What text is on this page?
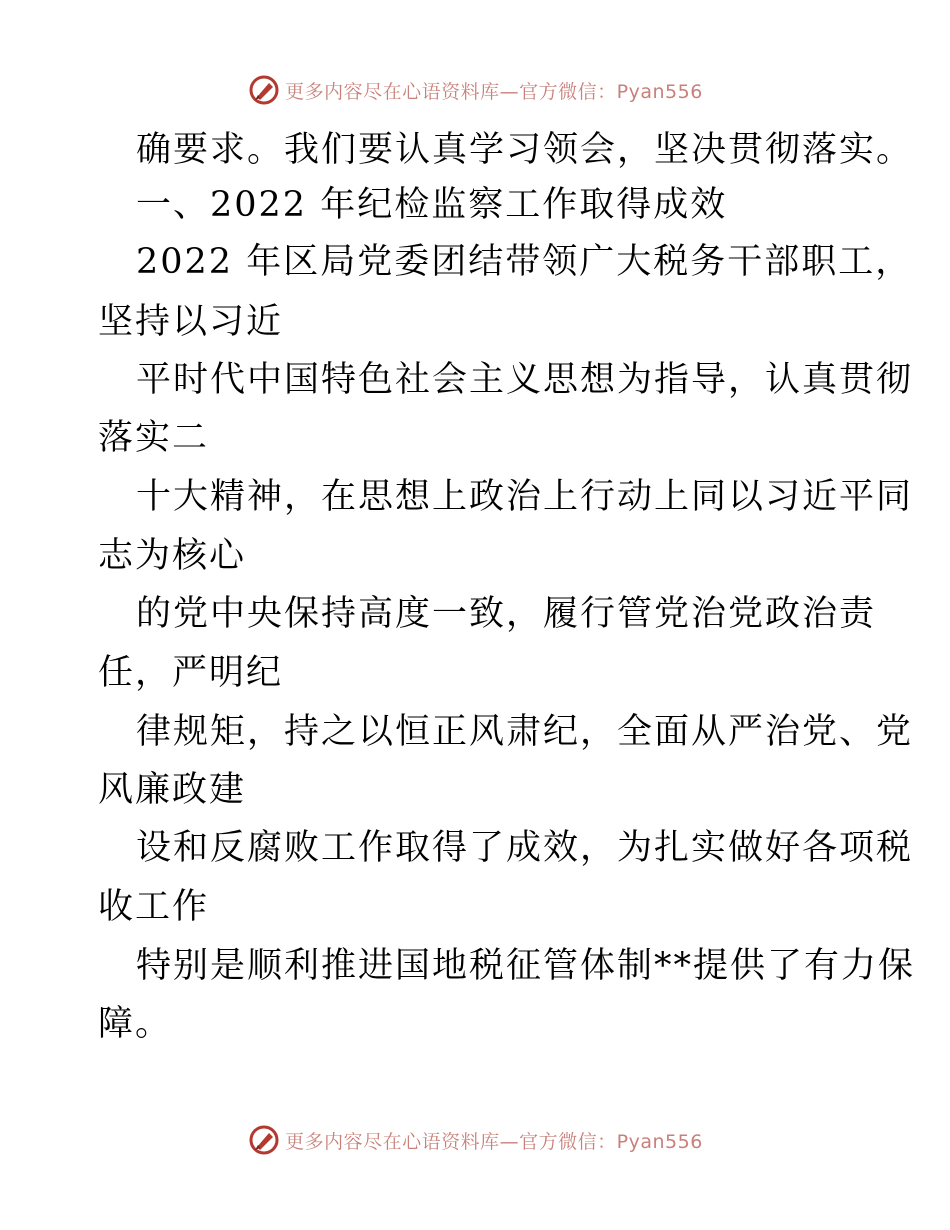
更多内容尽在心语资料库—官方微信：Pyan556
确要求。我们要认真学习领会，坚决贯彻落实。
一、2022 年纪检监察工作取得成效
2022 年区局党委团结带领广大税务干部职工，
坚持以习近
平时代中国特色社会主义思想为指导，认真贯彻
落实二
十大精神，在思想上政治上行动上同以习近平同
志为核心
的党中央保持高度一致，履行管党治党政治责
任，严明纪
律规矩，持之以恒正风肃纪，全面从严治党、党
风廉政建
设和反腐败工作取得了成效，为扎实做好各项税
收工作
特别是顺利推进国地税征管体制**提供了有力保
障。
更多内容尽在心语资料库—官方微信：Pyan556
